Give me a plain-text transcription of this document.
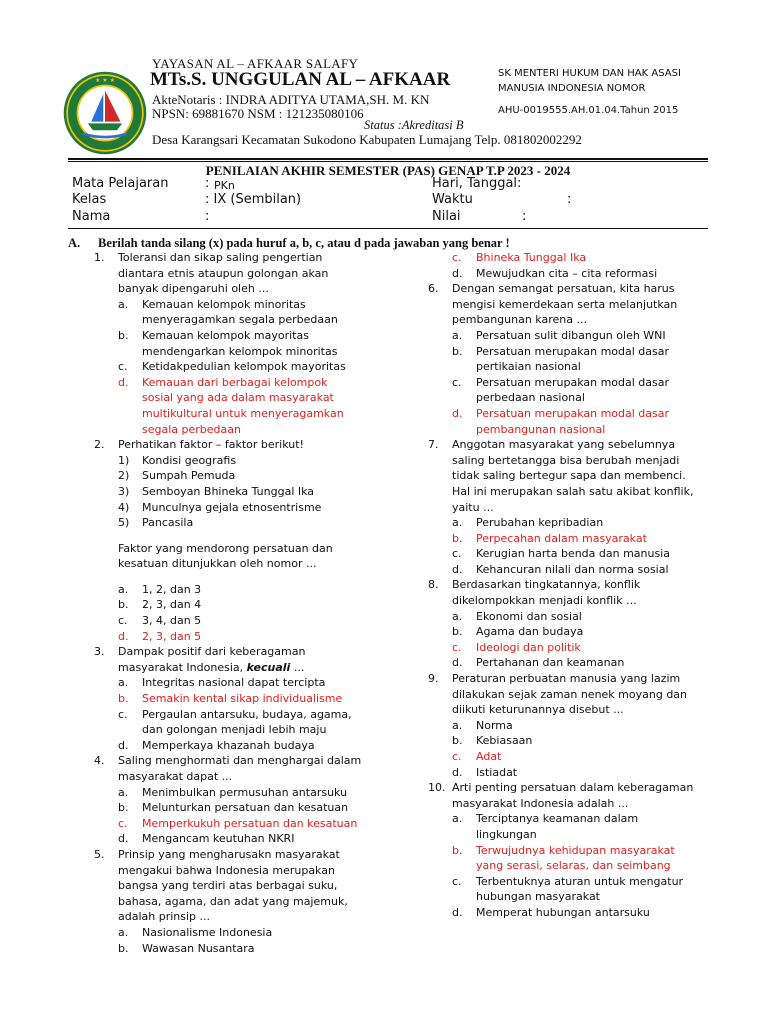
★ ★ ★
YAYASAN AL – AFKAAR SALAFY
MTs.S. UNGGULAN AL – AFKAAR
AkteNotaris : INDRA ADITYA UTAMA,SH. M. KN
NPSN: 69881670 NSM : 121235080106
Status :Akreditasi B
Desa Karangsari Kecamatan Sukodono Kabupaten Lumajang Telp. 081802002292
SK MENTERI HUKUM DAN HAK ASASI
MANUSIA INDONESIA NOMOR
AHU-0019555.AH.01.04.Tahun 2015
PENILAIAN AKHIR SEMESTER (PAS) GENAP T.P 2023 - 2024
Mata Pelajaran	: PKn	Hari, Tanggal:
Kelas	: IX (Sembilan)	Waktu	:
Nama	:	Nilai	:
A. Berilah tanda silang (x) pada huruf a, b, c, atau d pada jawaban yang benar !
1. Toleransi dan sikap saling pengertian
diantara etnis ataupun golongan akan
banyak dipengaruhi oleh ...
a. Kemauan kelompok minoritas
menyeragamkan segala perbedaan
b. Kemauan kelompok mayoritas
mendengarkan kelompok minoritas
c. Ketidakpedulian kelompok mayoritas
d. Kemauan dari berbagai kelompok
sosial yang ada dalam masyarakat
multikultural untuk menyeragamkan
segala perbedaan
2. Perhatikan faktor – faktor berikut!
1) Kondisi geografis
2) Sumpah Pemuda
3) Semboyan Bhineka Tunggal Ika
4) Munculnya gejala etnosentrisme
5) Pancasila
Faktor yang mendorong persatuan dan
kesatuan ditunjukkan oleh nomor ...
a. 1, 2, dan 3
b. 2, 3, dan 4
c. 3, 4, dan 5
d. 2, 3, dan 5
3. Dampak positif dari keberagaman
masyarakat Indonesia, kecuali ...
a. Integritas nasional dapat tercipta
b. Semakin kental sikap individualisme
c. Pergaulan antarsuku, budaya, agama,
dan golongan menjadi lebih maju
d. Memperkaya khazanah budaya
4. Saling menghormati dan menghargai dalam
masyarakat dapat ...
a. Menimbulkan permusuhan antarsuku
b. Melunturkan persatuan dan kesatuan
c. Memperkukuh persatuan dan kesatuan
d. Mengancam keutuhan NKRI
5. Prinsip yang mengharusakn masyarakat
mengakui bahwa Indonesia merupakan
bangsa yang terdiri atas berbagai suku,
bahasa, agama, dan adat yang majemuk,
adalah prinsip ...
a. Nasionalisme Indonesia
b. Wawasan Nusantara
c. Bhineka Tunggal Ika
d. Mewujudkan cita – cita reformasi
6. Dengan semangat persatuan, kita harus
mengisi kemerdekaan serta melanjutkan
pembangunan karena ...
a. Persatuan sulit dibangun oleh WNI
b. Persatuan merupakan modal dasar
pertikaian nasional
c. Persatuan merupakan modal dasar
perbedaan nasional
d. Persatuan merupakan modal dasar
pembangunan nasional
7. Anggotan masyarakat yang sebelumnya
saling bertetangga bisa berubah menjadi
tidak saling bertegur sapa dan membenci.
Hal ini merupakan salah satu akibat konflik,
yaitu ...
a. Perubahan kepribadian
b. Perpecahan dalam masyarakat
c. Kerugian harta benda dan manusia
d. Kehancuran nilali dan norma sosial
8. Berdasarkan tingkatannya, konflik
dikelompokkan menjadi konflik ...
a. Ekonomi dan sosial
b. Agama dan budaya
c. Ideologi dan politik
d. Pertahanan dan keamanan
9. Peraturan perbuatan manusia yang lazim
dilakukan sejak zaman nenek moyang dan
diikuti keturunannya disebut ...
a. Norma
b. Kebiasaan
c. Adat
d. Istiadat
10. Arti penting persatuan dalam keberagaman
masyarakat Indonesia adalah ...
a. Terciptanya keamanan dalam
lingkungan
b. Terwujudnya kehidupan masyarakat
yang serasi, selaras, dan seimbang
c. Terbentuknya aturan untuk mengatur
hubungan masyarakat
d. Memperat hubungan antarsuku
